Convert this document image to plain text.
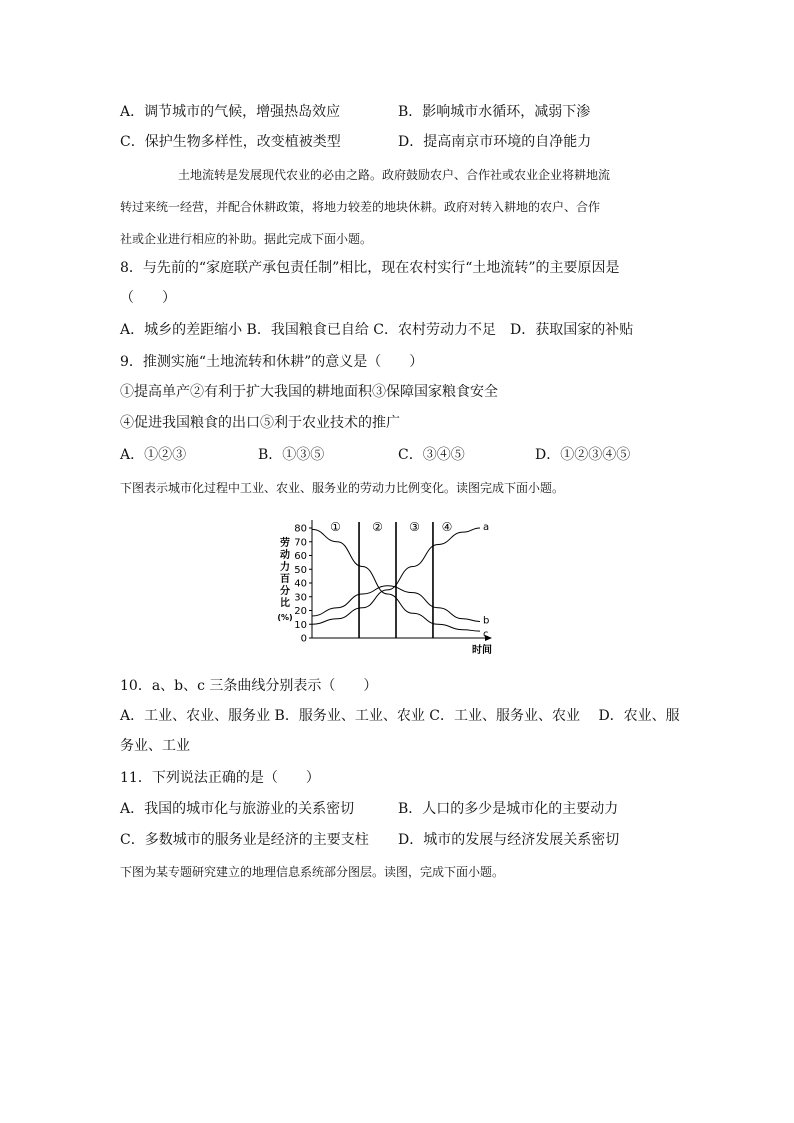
A．调节城市的气候，增强热岛效应	B．影响城市水循环，减弱下渗
C．保护生物多样性，改变植被类型	D．提高南京市环境的自净能力
土地流转是发展现代农业的必由之路。政府鼓励农户、合作社或农业企业将耕地流
转过来统一经营，并配合休耕政策，将地力较差的地块休耕。政府对转入耕地的农户、合作
社或企业进行相应的补助。据此完成下面小题。
8．与先前的“家庭联产承包责任制”相比，现在农村实行“土地流转”的主要原因是
（　　）
A．城乡的差距缩小 B．我国粮食已自给 C．农村劳动力不足　D．获取国家的补贴
9．推测实施“土地流转和休耕”的意义是（　　）
①提高单产②有利于扩大我国的耕地面积③保障国家粮食安全
④促进我国粮食的出口⑤利于农业技术的推广
A．①②③	B．①③⑤	C．③④⑤	D．①②③④⑤
下图表示城市化过程中工业、农业、服务业的劳动力比例变化。读图完成下面小题。
0
10
20
30
40
50
60
70
80
劳动力百分比(%)
时间
①	② ③ ④	a
b
c
10．a、b、c 三条曲线分别表示（　　）
A．工业、农业、服务业 B．服务业、工业、农业 C．工业、服务业、农业　 D．农业、服
务业、工业
11．下列说法正确的是（　　）
A．我国的城市化与旅游业的关系密切	B．人口的多少是城市化的主要动力
C．多数城市的服务业是经济的主要支柱 D．城市的发展与经济发展关系密切
下图为某专题研究建立的地理信息系统部分图层。读图，完成下面小题。
